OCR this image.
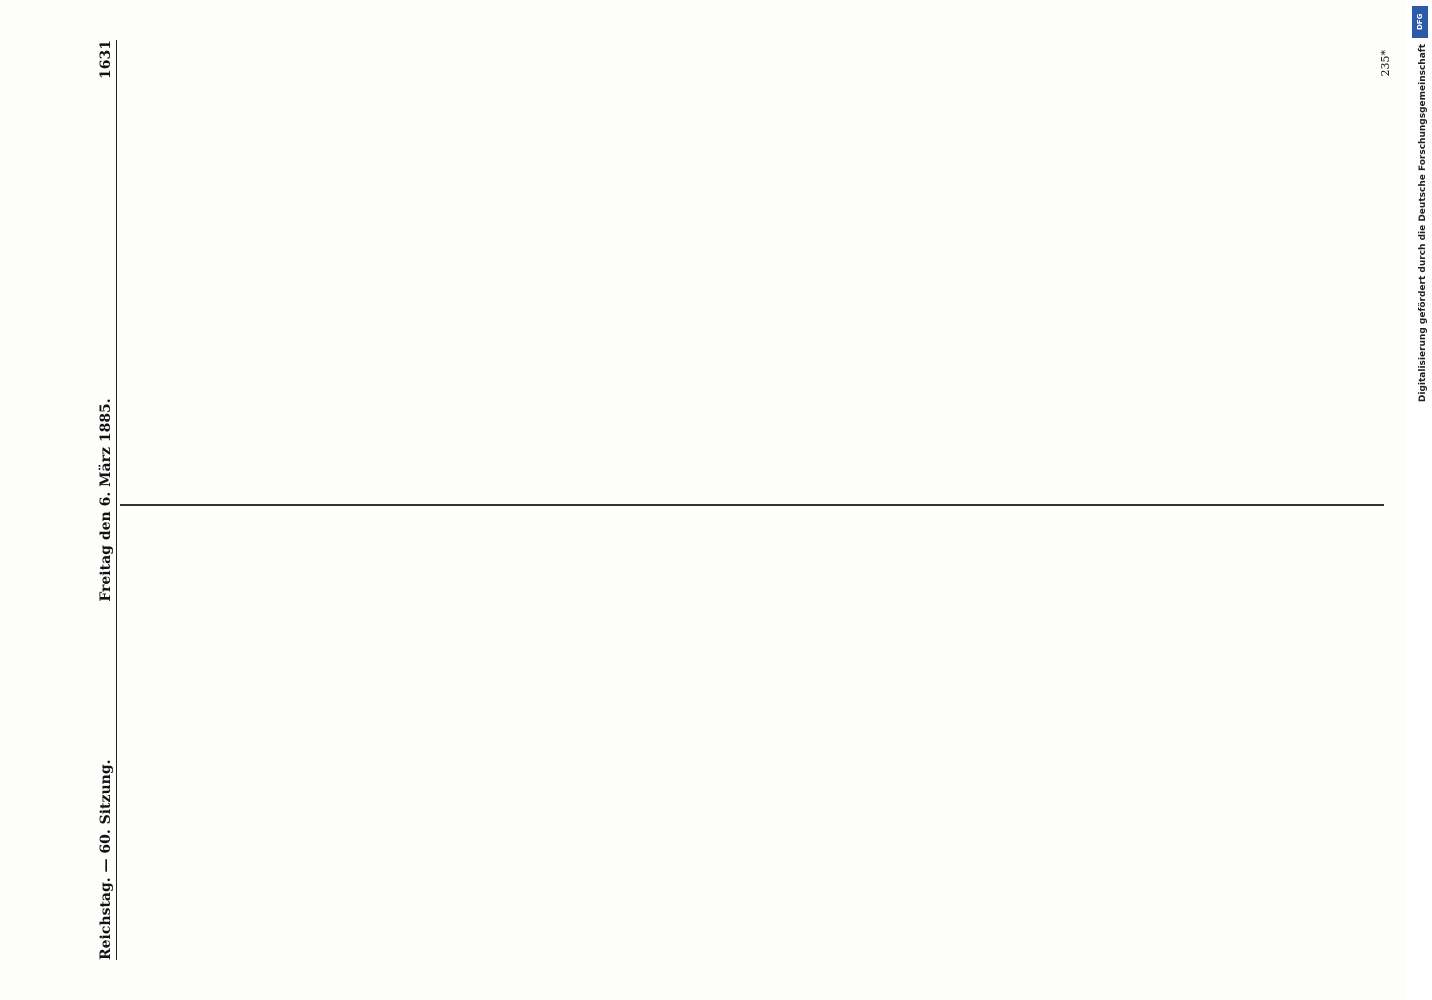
Reichstag. — 60. Sitzung.
Freitag den 6. März 1885.
1631	235*
DFG
Digitalisierung gefördert durch die Deutsche Forschungsgemeinschaft
